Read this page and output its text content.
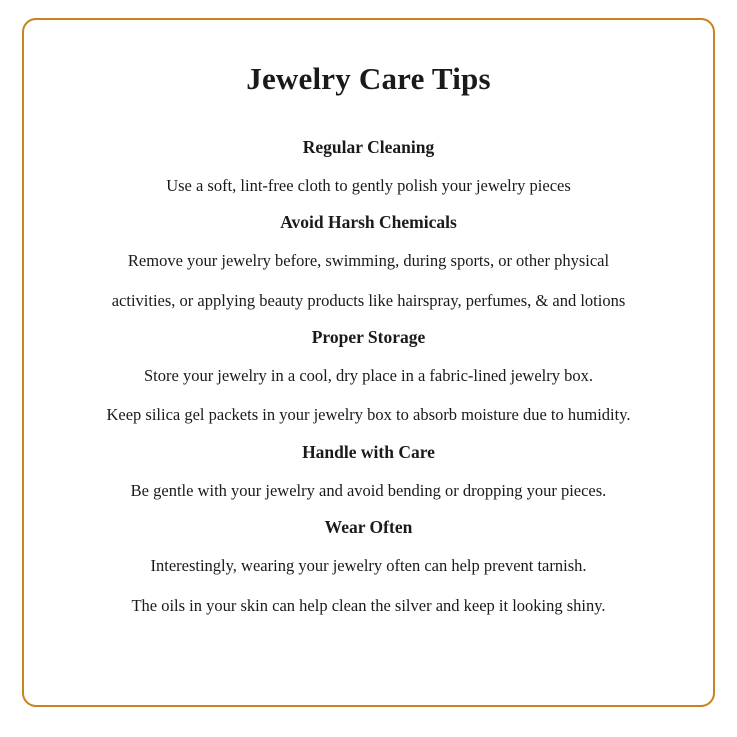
Jewelry Care Tips
Regular Cleaning

Use a soft, lint-free cloth to gently polish your jewelry pieces

Avoid Harsh Chemicals

Remove your jewelry before, swimming, during sports, or other physical

activities, or applying beauty products like hairspray, perfumes, & and lotions

Proper Storage

Store your jewelry in a cool, dry place in a fabric-lined jewelry box.

Keep silica gel packets in your jewelry box to absorb moisture due to humidity.

Handle with Care

Be gentle with your jewelry and avoid bending or dropping your pieces.

Wear Often

Interestingly, wearing your jewelry often can help prevent tarnish.

The oils in your skin can help clean the silver and keep it looking shiny.
